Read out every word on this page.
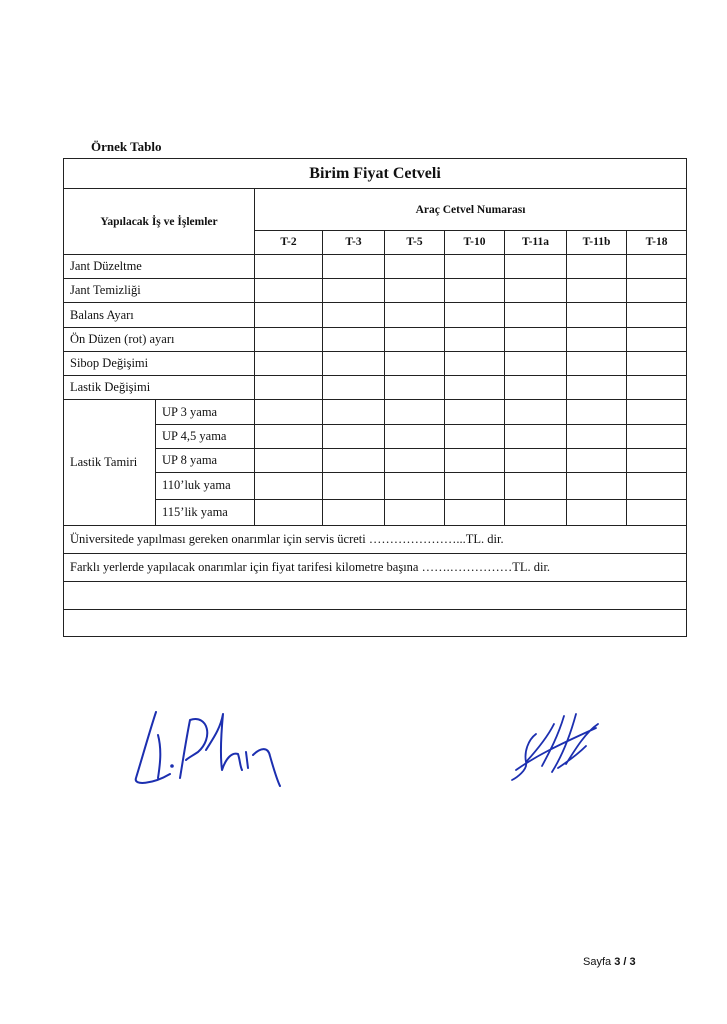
Örnek Tablo
Birim Fiyat Cetveli								
Yapılacak İş ve İşlemler		Araç Cetvel Numarası						
		T-2	T-3	T-5	T-10	T-11a	T-11b	T-18
Jant Düzeltme								
Jant Temizliği								
Balans Ayarı								
Ön Düzen (rot) ayarı								
Sibop Değişimi								
Lastik Değişimi								
Lastik Tamiri	UP 3 yama							
	UP 4,5 yama							
	UP 8 yama							
	110’luk yama							
	115’lik yama							
Üniversitede yapılması gereken onarımlar için servis ücreti …………………...TL. dir.								
Farklı yerlerde yapılacak onarımlar için fiyat tarifesi kilometre başına …….……………TL. dir.								

Sayfa 3 / 3
